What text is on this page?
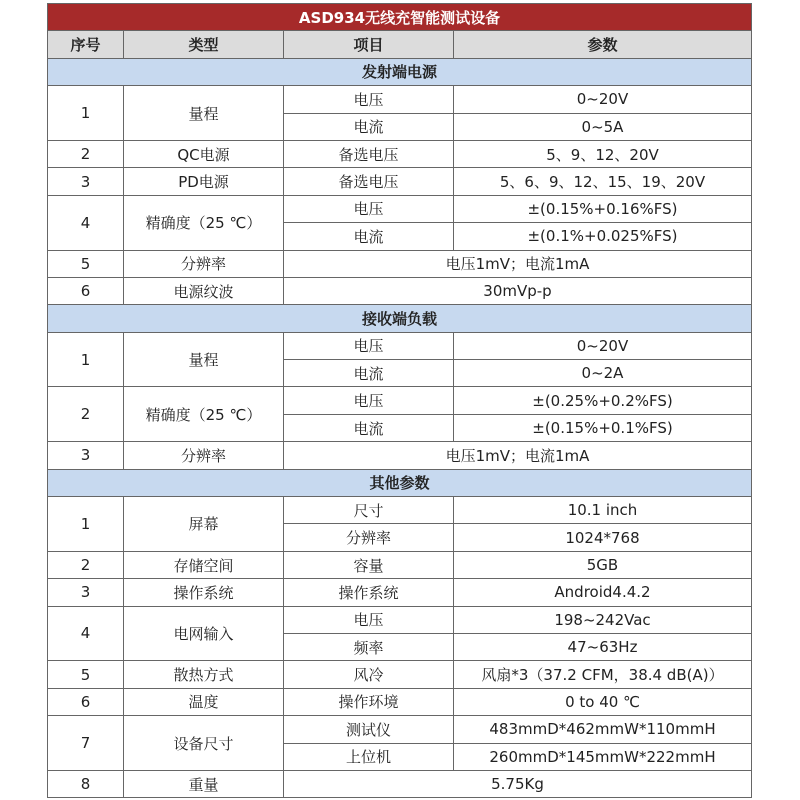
ASD934无线充智能测试设备			
序号	类型	项目	参数
发射端电源			
1	量程	电压	0~20V
		电流	0~5A
2	QC电源	备选电压	5、9、12、20V
3	PD电源	备选电压	5、6、9、12、15、19、20V
4	精确度（25 ℃）	电压	±(0.15%+0.16%FS)
		电流	±(0.1%+0.025%FS)
5	分辨率	电压1mV；电流1mA	
6	电源纹波	30mVp-p	
接收端负载			
1	量程	电压	0~20V
		电流	0~2A
2	精确度（25 ℃）	电压	±(0.25%+0.2%FS)
		电流	±(0.15%+0.1%FS)
3	分辨率	电压1mV；电流1mA	
其他参数			
1	屏幕	尺寸	10.1 inch
		分辨率	1024*768
2	存储空间	容量	5GB
3	操作系统	操作系统	Android4.4.2
4	电网输入	电压	198~242Vac
		频率	47~63Hz
5	散热方式	风冷	风扇*3（37.2 CFM，38.4 dB(A)）
6	温度	操作环境	0 to 40 ℃
7	设备尺寸	测试仪	483mmD*462mmW*110mmH
		上位机	260mmD*145mmW*222mmH
8	重量	5.75Kg	
